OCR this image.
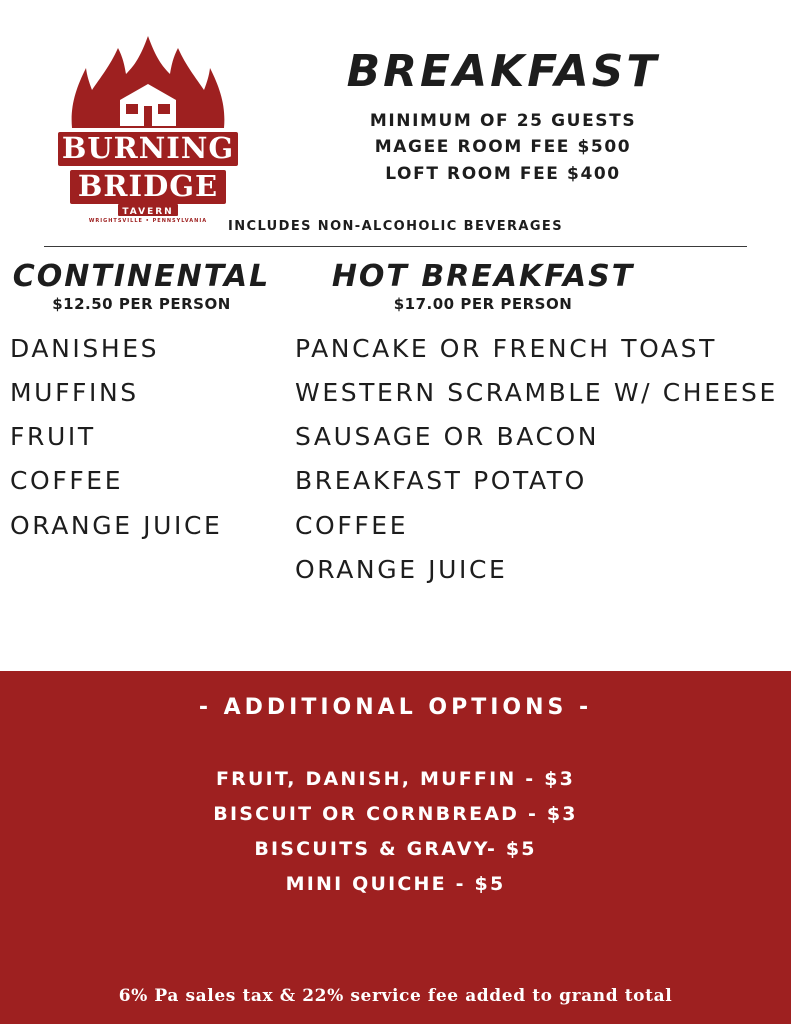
BURNING
BRIDGE
TAVERN
WRIGHTSVILLE • PENNSYLVANIA
BREAKFAST
MINIMUM OF 25 GUESTS
MAGEE ROOM FEE $500
LOFT ROOM FEE $400
INCLUDES NON-ALCOHOLIC BEVERAGES
CONTINENTAL
$12.50 PER PERSON
DANISHES
MUFFINS
FRUIT
COFFEE
ORANGE JUICE
HOT BREAKFAST
$17.00 PER PERSON
PANCAKE OR FRENCH TOAST
WESTERN SCRAMBLE W/ CHEESE
SAUSAGE OR BACON
BREAKFAST POTATO
COFFEE
ORANGE JUICE
- ADDITIONAL OPTIONS -
FRUIT, DANISH, MUFFIN - $3
BISCUIT OR CORNBREAD - $3
BISCUITS & GRAVY- $5
MINI QUICHE - $5
6% Pa sales tax & 22% service fee added to grand total
